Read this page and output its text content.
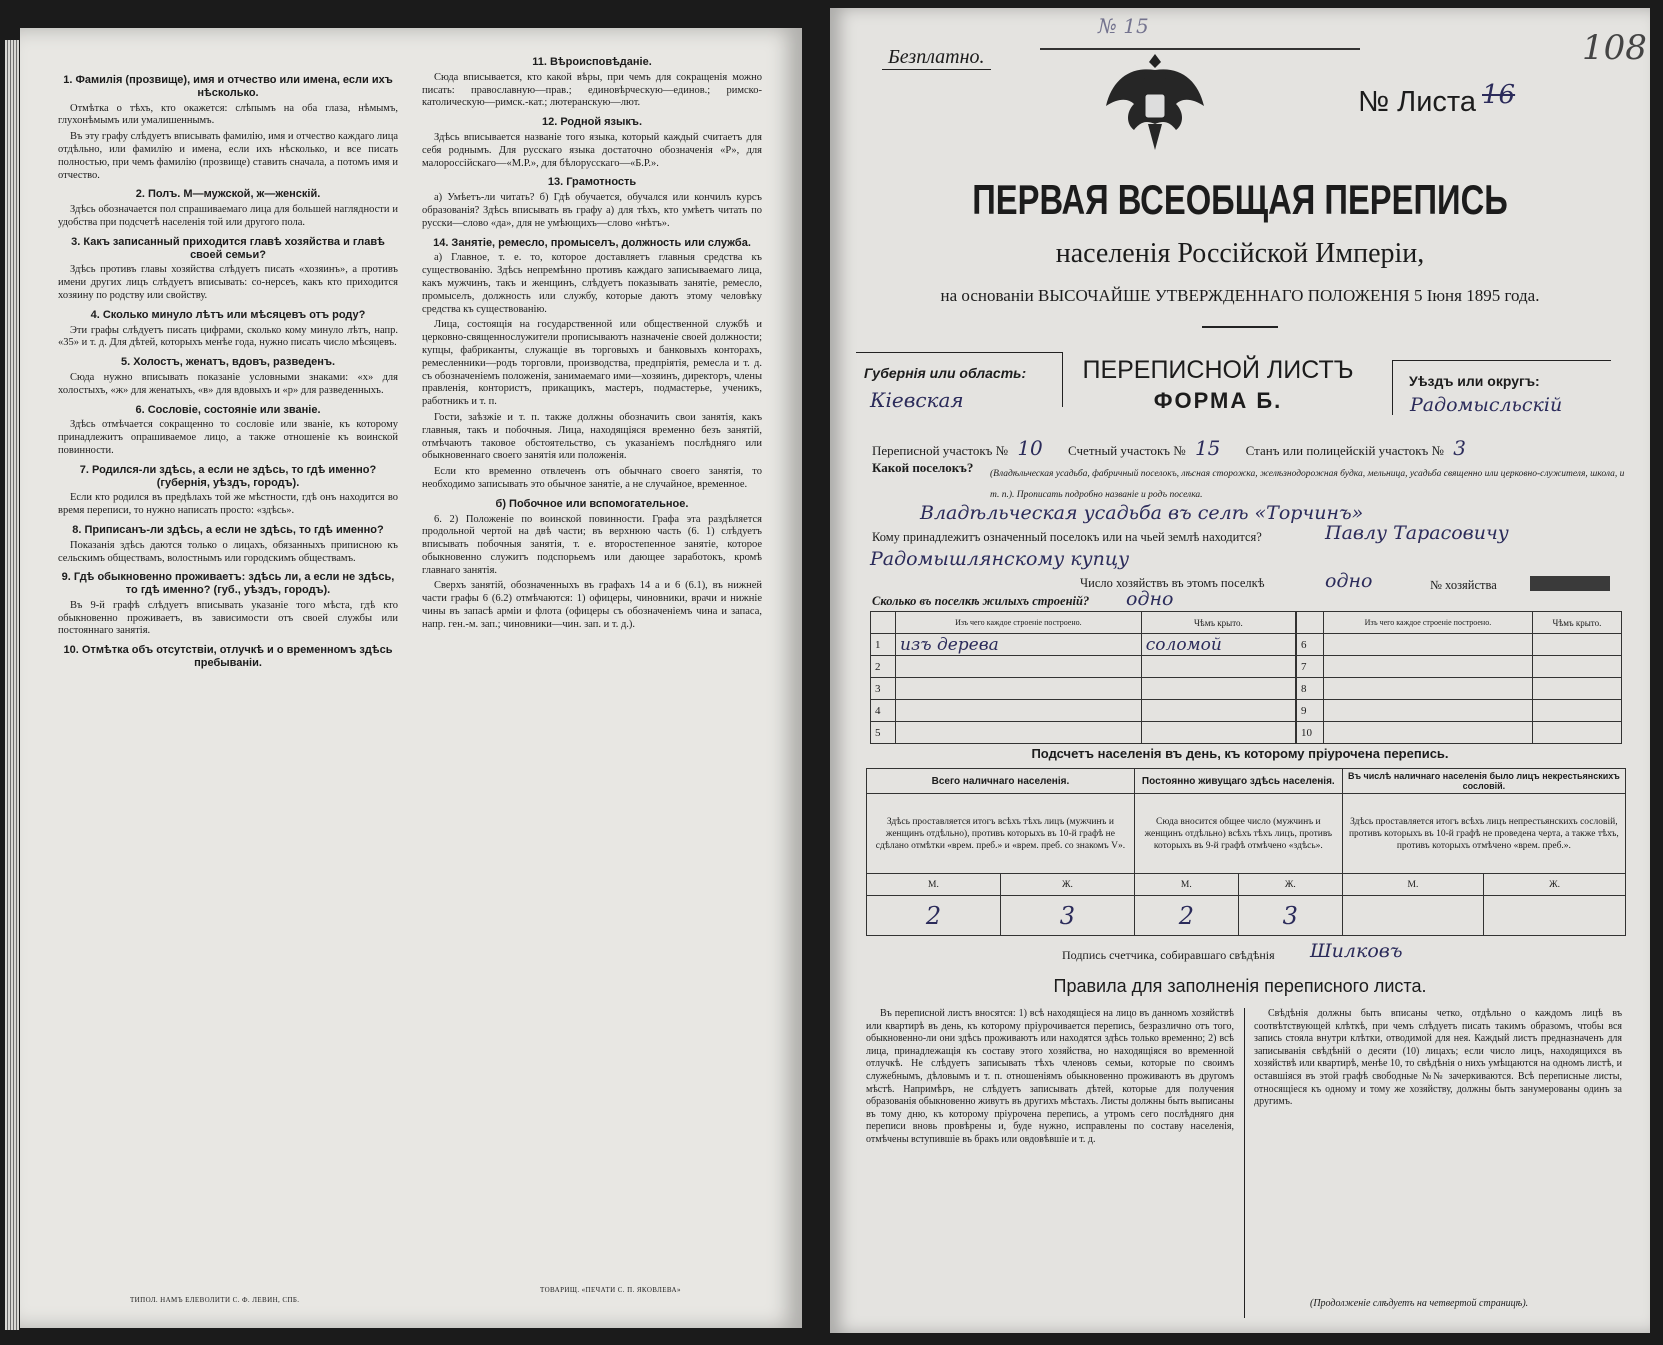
1. Фамилія (прозвище), имя и отчество или имена, если ихъ нѣсколько.

Отмѣтка о тѣхъ, кто окажется: слѣпымъ на оба глаза, нѣмымъ, глухонѣмымъ или умалишеннымъ.

Въ эту графу слѣдуетъ вписывать фамилію, имя и отчество каждаго лица отдѣльно, или фамилію и имена, если ихъ нѣсколько, и все писать полностью, при чемъ фамилію (прозвище) ставить сначала, а потомъ имя и отчество.

2. Полъ. М—мужской, ж—женскій.

Здѣсь обозначается пол спрашиваемаго лица для большей наглядности и удобства при подсчетѣ населенія той или другого пола.

3. Какъ записанный приходится главѣ хозяйства и главѣ своей семьи?

Здѣсь противъ главы хозяйства слѣдуетъ писать «хозяинъ», а противъ имени других лицъ слѣдуетъ вписывать: со-нерсеъ, какъ кто приходится хозяину по родству или свойству.

4. Сколько минуло лѣтъ или мѣсяцевъ отъ роду?

Эти графы слѣдуетъ писать цифрами, сколько кому минуло лѣтъ, напр. «35» и т. д. Для дѣтей, которыхъ менѣе года, нужно писать число мѣсяцевъ.

5. Холостъ, женатъ, вдовъ, разведенъ.

Сюда нужно вписывать показаніе условными знаками: «х» для холостыхъ, «ж» для женатыхъ, «в» для вдовыхъ и «р» для разведенныхъ.

6. Сословіе, состояніе или званіе.

Здѣсь отмѣчается сокращенно то сословіе или званіе, къ которому принадлежитъ опрашиваемое лицо, а также отношеніе къ воинской повинности.

7. Родился-ли здѣсь, а если не здѣсь, то гдѣ именно? (губернія, уѣздъ, городъ).

Если кто родился въ предѣлахъ той же мѣстности, гдѣ онъ находится во время переписи, то нужно написать просто: «здѣсь».

8. Приписанъ-ли здѣсь, а если не здѣсь, то гдѣ именно?

Показанія здѣсь даются только о лицахъ, обязанныхъ приписною къ сельскимъ обществамъ, волостнымъ или городскимъ обществамъ.

9. Гдѣ обыкновенно проживаетъ: здѣсь ли, а если не здѣсь, то гдѣ именно? (губ., уѣздъ, городъ).

Въ 9-й графѣ слѣдуетъ вписывать указаніе того мѣста, гдѣ кто обыкновенно проживаетъ, въ зависимости отъ своей службы или постояннаго занятія.

10. Отмѣтка объ отсутствіи, отлучкѣ и о временномъ здѣсь пребываніи.
11. Вѣроисповѣданіе.

Сюда вписывается, кто какой вѣры, при чемъ для сокращенія можно писать: православную—прав.; единовѣрческую—единов.; римско-католическую—римск.-кат.; лютеранскую—лют.

12. Родной языкъ.

Здѣсь вписывается названіе того языка, который каждый считаетъ для себя роднымъ. Для русскаго языка достаточно обозначенія «Р», для малороссійскаго—«М.Р.», для бѣлорусскаго—«Б.Р.».

13. Грамотность

а) Умѣетъ-ли читать? б) Гдѣ обучается, обучался или кончилъ курсъ образованія? Здѣсь вписывать въ графу а) для тѣхъ, кто умѣетъ читать по русски—слово «да», для не умѣющихъ—слово «нѣтъ».

14. Занятіе, ремесло, промыселъ, должность или служба.

а) Главное, т. е. то, которое доставляетъ главныя средства къ существованію. Здѣсь непремѣнно противъ каждаго записываемаго лица, какъ мужчинъ, такъ и женщинъ, слѣдуетъ показывать занятіе, ремесло, промыселъ, должность или службу, которые даютъ этому человѣку средства къ существованію.

Лица, состоящія на государственной или общественной службѣ и церковно-священнослужители прописываютъ назначеніе своей должности; купцы, фабриканты, служащіе въ торговыхъ и банковыхъ конторахъ, ремесленники—родъ торговли, производства, предпріятія, ремесла и т. д. съ обозначеніемъ положенія, занимаемаго ими—хозяинъ, директоръ, члены правленія, контористъ, прикащикъ, мастеръ, подмастерье, ученикъ, работникъ и т. п.

Гости, заѣзжіе и т. п. также должны обозначить свои занятія, какъ главныя, такъ и побочныя. Лица, находящіяся временно безъ занятій, отмѣчаютъ таковое обстоятельство, съ указаніемъ послѣдняго или обыкновеннаго своего занятія или положенія.

Если кто временно отвлеченъ отъ обычнаго своего занятія, то необходимо записывать это обычное занятіе, а не случайное, временное.

б) Побочное или вспомогательное.

6. 2) Положеніе по воинской повинности. Графа эта раздѣляется продольной чертой на двѣ части; въ верхнюю часть (6. 1) слѣдуетъ вписывать побочныя занятія, т. е. второстепенное занятіе, которое обыкновенно служитъ подспорьемъ или дающее заработокъ, кромѣ главнаго занятія.

Сверхъ занятій, обозначенныхъ въ графахъ 14 а и 6 (6.1), въ нижней части графы 6 (6.2) отмѣчаются: 1) офицеры, чиновники, врачи и нижніе чины въ запасѣ армiи и флота (офицеры съ обозначеніемъ чина и запаса, напр. ген.-м. зап.; чиновники—чин. зап. и т. д.).

ТИПОЛ. НАМЪ ЕЛЕВОЛИТИ С. Ф. ЛЕВИН, СПБ.
ТОВАРИЩ. «ПЕЧАТИ С. П. ЯКОВЛЕВА»
Безплатно.
№ 15
№ Листа 16
108
ПЕРВАЯ ВСЕОБЩАЯ ПЕРЕПИСЬ
населенія Россійской Имперіи,
на основаніи ВЫСОЧАЙШЕ УТВЕРЖДЕННАГО ПОЛОЖЕНІЯ 5 Іюня 1895 года.
Губернія или область:
Кіевская
ПЕРЕПИСНОЙ ЛИСТЪ
ФОРМА Б.
Уѣздъ или округъ:
Радомысльскій
Переписной участокъ № 10 Счетный участокъ № 15 Станъ или полицейскій участокъ № 3
Какой поселокъ? (Владѣльческая усадьба, фабричный поселокъ, лѣсная сторожка, желѣзнодорожная будка, мельница, усадьба священно или церковно-служителя, школа, и т. п.). Прописать подробно названіе и родъ поселка.
Владѣльческая усадьба въ селѣ «Торчинъ»
Кому принадлежитъ означенный поселокъ или на чьей землѣ находится?	Павлу Тарасовичу
Радомышлянскому купцу
Число хозяйствъ въ этомъ поселкѣ	одно	№ хозяйства
Сколько въ поселкѣ жилыхъ строеній? одно
	Изъ чего каждое строеніе построено.	Чѣмъ крыто.
1	изъ дерева	соломой
2		
3		
4		
5		
	Изъ чего каждое строеніе построено.	Чѣмъ крыто.
6		
7		
8		
9		
10		
Подсчетъ населенія въ день, къ которому пріурочена перепись.
Всего наличнаго населенія.		Постоянно живущаго здѣсь населенія.		Въ числѣ наличнаго населенія было лицъ некрестьянскихъ сословій.	
Здѣсь проставляется итогъ всѣхъ тѣхъ лицъ (мужчинъ и женщинъ отдѣльно), противъ которыхъ въ 10-й графѣ не сдѣлано отмѣтки «врем. преб.» и «врем. преб. со знакомъ V».		Сюда вносится общее число (мужчинъ и женщинъ отдѣльно) всѣхъ тѣхъ лицъ, противъ которыхъ въ 9-й графѣ отмѣчено «здѣсь».		Здѣсь проставляется итогъ всѣхъ лицъ непрестьянскихъ сословій, противъ которыхъ въ 10-й графѣ не проведена черта, а также тѣхъ, противъ которыхъ отмѣчено «врем. преб.».	
М.	Ж.	М.	Ж.	М.	Ж.
2	3	2	3		
Подпись счетчика, собиравшаго свѣдѣнія Шилковъ
Правила для заполненія переписного листа.
Въ переписной листъ вносятся: 1) всѣ находящіеся на лицо въ данномъ хозяйствѣ или квартирѣ въ день, къ которому пріурочивается перепись, безразлично отъ того, обыкновенно-ли они здѣсь проживаютъ или находятся здѣсь только временно; 2) всѣ лица, принадлежащія къ составу этого хозяйства, но находящіяся во временной отлучкѣ. Не слѣдуетъ записывать тѣхъ членовъ семьи, которые по своимъ служебнымъ, дѣловымъ и т. п. отношеніямъ обыкновенно проживаютъ въ другомъ мѣстѣ. Напримѣръ, не слѣдуетъ записывать дѣтей, которые для получения образованія обыкновенно живутъ въ другихъ мѣстахъ. Листы должны быть выписаны въ тому дню, къ которому пріурочена перепись, а утромъ сего послѣдняго дня переписи вновь провѣрены и, буде нужно, исправлены по составу населенія, отмѣчены вступившіе въ бракъ или овдовѣвшіе и т. д.
Свѣдѣнія должны быть вписаны четко, отдѣльно о каждомъ лицѣ въ соотвѣтствующей клѣткѣ, при чемъ слѣдуетъ писать такимъ образомъ, чтобы вся запись стояла внутри клѣтки, отводимой для нея. Каждый листъ предназначенъ для записыванія свѣдѣній о десяти (10) лицахъ; если число лицъ, находящихся въ хозяйствѣ или квартирѣ, менѣе 10, то свѣдѣнія о нихъ умѣщаются на одномъ листѣ, и оставшіяся въ этой графѣ свободные №№ зачеркиваются. Всѣ переписные листы, относящіеся къ одному и тому же хозяйству, должны быть занумерованы одинъ за другимъ.
(Продолженіе слѣдуетъ на четвертой страницѣ).
